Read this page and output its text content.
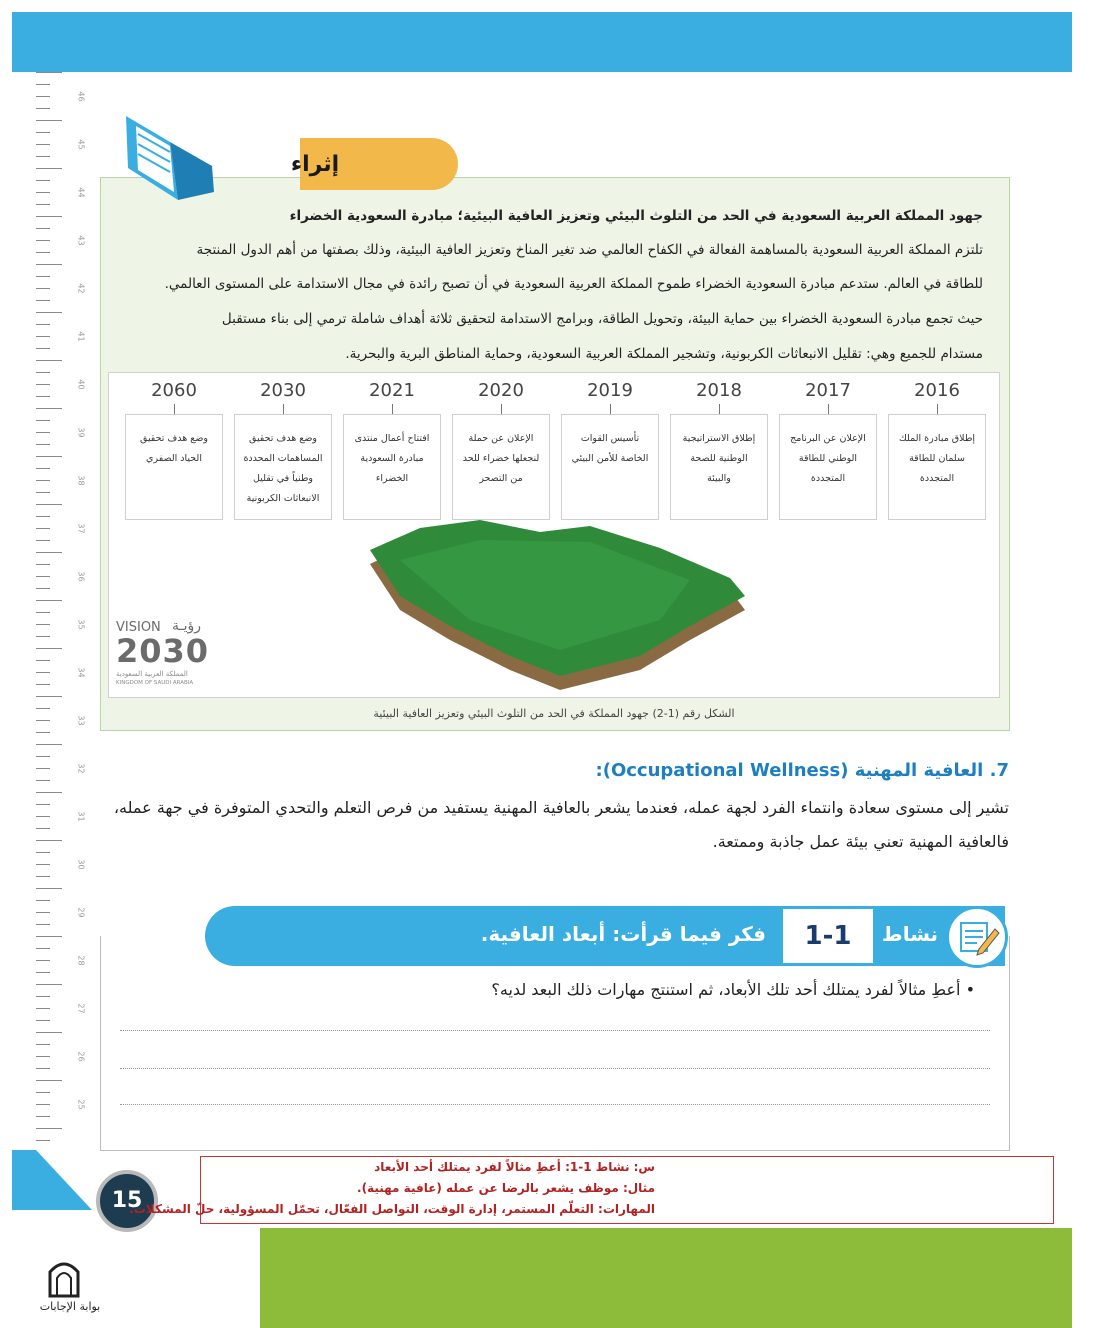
إثراء
جهود المملكة العربية السعودية في الحد من التلوث البيئي وتعزيز العافية البيئية؛ مبادرة السعودية الخضراء
تلتزم المملكة العربية السعودية بالمساهمة الفعالة في الكفاح العالمي ضد تغير المناخ وتعزيز العافية البيئية، وذلك بصفتها من أهم الدول المنتجة
للطاقة في العالم. ستدعم مبادرة السعودية الخضراء طموح المملكة العربية السعودية في أن تصبح رائدة في مجال الاستدامة على المستوى العالمي.
حيث تجمع مبادرة السعودية الخضراء بين حماية البيئة، وتحويل الطاقة، وبرامج الاستدامة لتحقيق ثلاثة أهداف شاملة ترمي إلى بناء مستقبل
مستدام للجميع وهي: تقليل الانبعاثات الكربونية، وتشجير المملكة العربية السعودية، وحماية المناطق البرية والبحرية.
2016
إطلاق مبادرة الملك
سلمان للطاقة
المتجددة
2017
الإعلان عن البرنامج
الوطني للطاقة
المتجددة
2018
إطلاق الاستراتيجية
الوطنية للصحة
والبيئة
2019
تأسيس القوات
الخاصة للأمن البيئي
2020
الإعلان عن حملة
لنجعلها خضراء للحد
من التصحر
2021
افتتاح أعمال منتدى
مبادرة السعودية
الخضراء
2030
وضع هدف تحقيق
المساهمات المحددة
وطنياً في تقليل
الانبعاثات الكربونية
2060
وضع هدف تحقيق
الحياد الصفري
VISION رؤيـة
2030
المملكة العربية السعودية
KINGDOM OF SAUDI ARABIA
الشكل رقم (1-2) جهود المملكة في الحد من التلوث البيئي وتعزيز العافية البيئية
7. العافية المهنية (Occupational Wellness):
تشير إلى مستوى سعادة وانتماء الفرد لجهة عمله، فعندما يشعر بالعافية المهنية يستفيد من فرص التعلم والتحدي المتوفرة في جهة عمله،
فالعافية المهنية تعني بيئة عمل جاذبة وممتعة.
فكر فيما قرأت: أبعاد العافية.	1-1	نشاط
• أعطِ مثالاً لفرد يمتلك أحد تلك الأبعاد، ثم استنتج مهارات ذلك البعد لديه؟
15
س: نشاط 1-1: أعطِ مثالاً لفرد يمتلك أحد الأبعاد
مثال: موظف يشعر بالرضا عن عمله (عافية مهنية).
المهارات: التعلّم المستمر، إدارة الوقت، التواصل الفعّال، تحمّل المسؤولية، حلّ المشكلات.
بوابة الإجابات
46
45
44
43
42
41
40
39
38
37
36
35
34
33
32
31
30
29
28
27
26
25
